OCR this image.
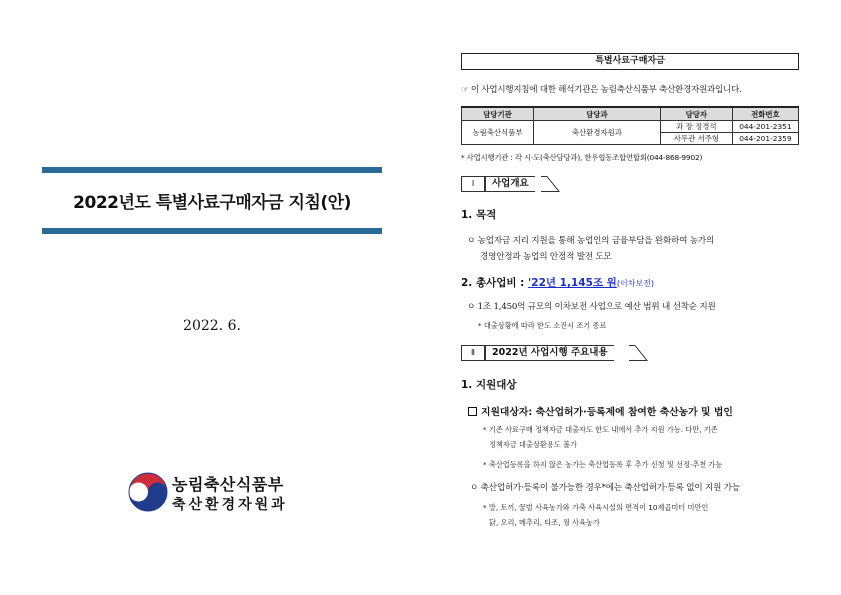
2022년도 특별사료구매자금 지침(안)
2022. 6.
농림축산식품부
축산환경자원과
특별사료구매자금
☞ 이 사업시행지침에 대한 해석기관은 농림축산식품부 축산환경자원과입니다.
담당기관	담당과	담당자	전화번호
농림축산식품부	축산환경자원과	과 장 정경석	044-201-2351
		사무관 서주형	044-201-2359
* 사업시행기관 : 각 시·도(축산담당과), 한우협동조합연합회(044-868-9902)
Ⅰ	사업개요
1. 목적
ㅇ 농업자금 지리 지원을 통해 농업인의 금융부담을 완화하여 농가의
경영안정과 농업의 안정적 발전 도모
2. 총사업비 : '22년 1,145조 원(이차보전)
ㅇ 1조 1,450억 규모의 이차보전 사업으로 예산 범위 내 선착순 지원
* 대출상황에 따라 한도 소진시 조기 종료
Ⅱ	2022년 사업시행 주요내용
1. 지원대상
지원대상자: 축산업허가·등록제에 참여한 축산농가 및 법인
* 기존 사료구매 정책자금 대출자도 한도 내에서 추가 지원 가능. 다만, 기존
정책자금 대출상환용도 불가
* 축산업등록을 하지 않은 농가는 축산업등록 후 추가 신청 및 선정·추천 가능
ㅇ 축산업허가·등록이 불가능한 경우*에는 축산업허가·등록 없이 지원 가능
* 말, 토끼, 꿀벌 사육농가와 가축 사육시설의 면적이 10제곱미터 미만인
닭, 오리, 메추리, 타조, 꿩 사육농가
